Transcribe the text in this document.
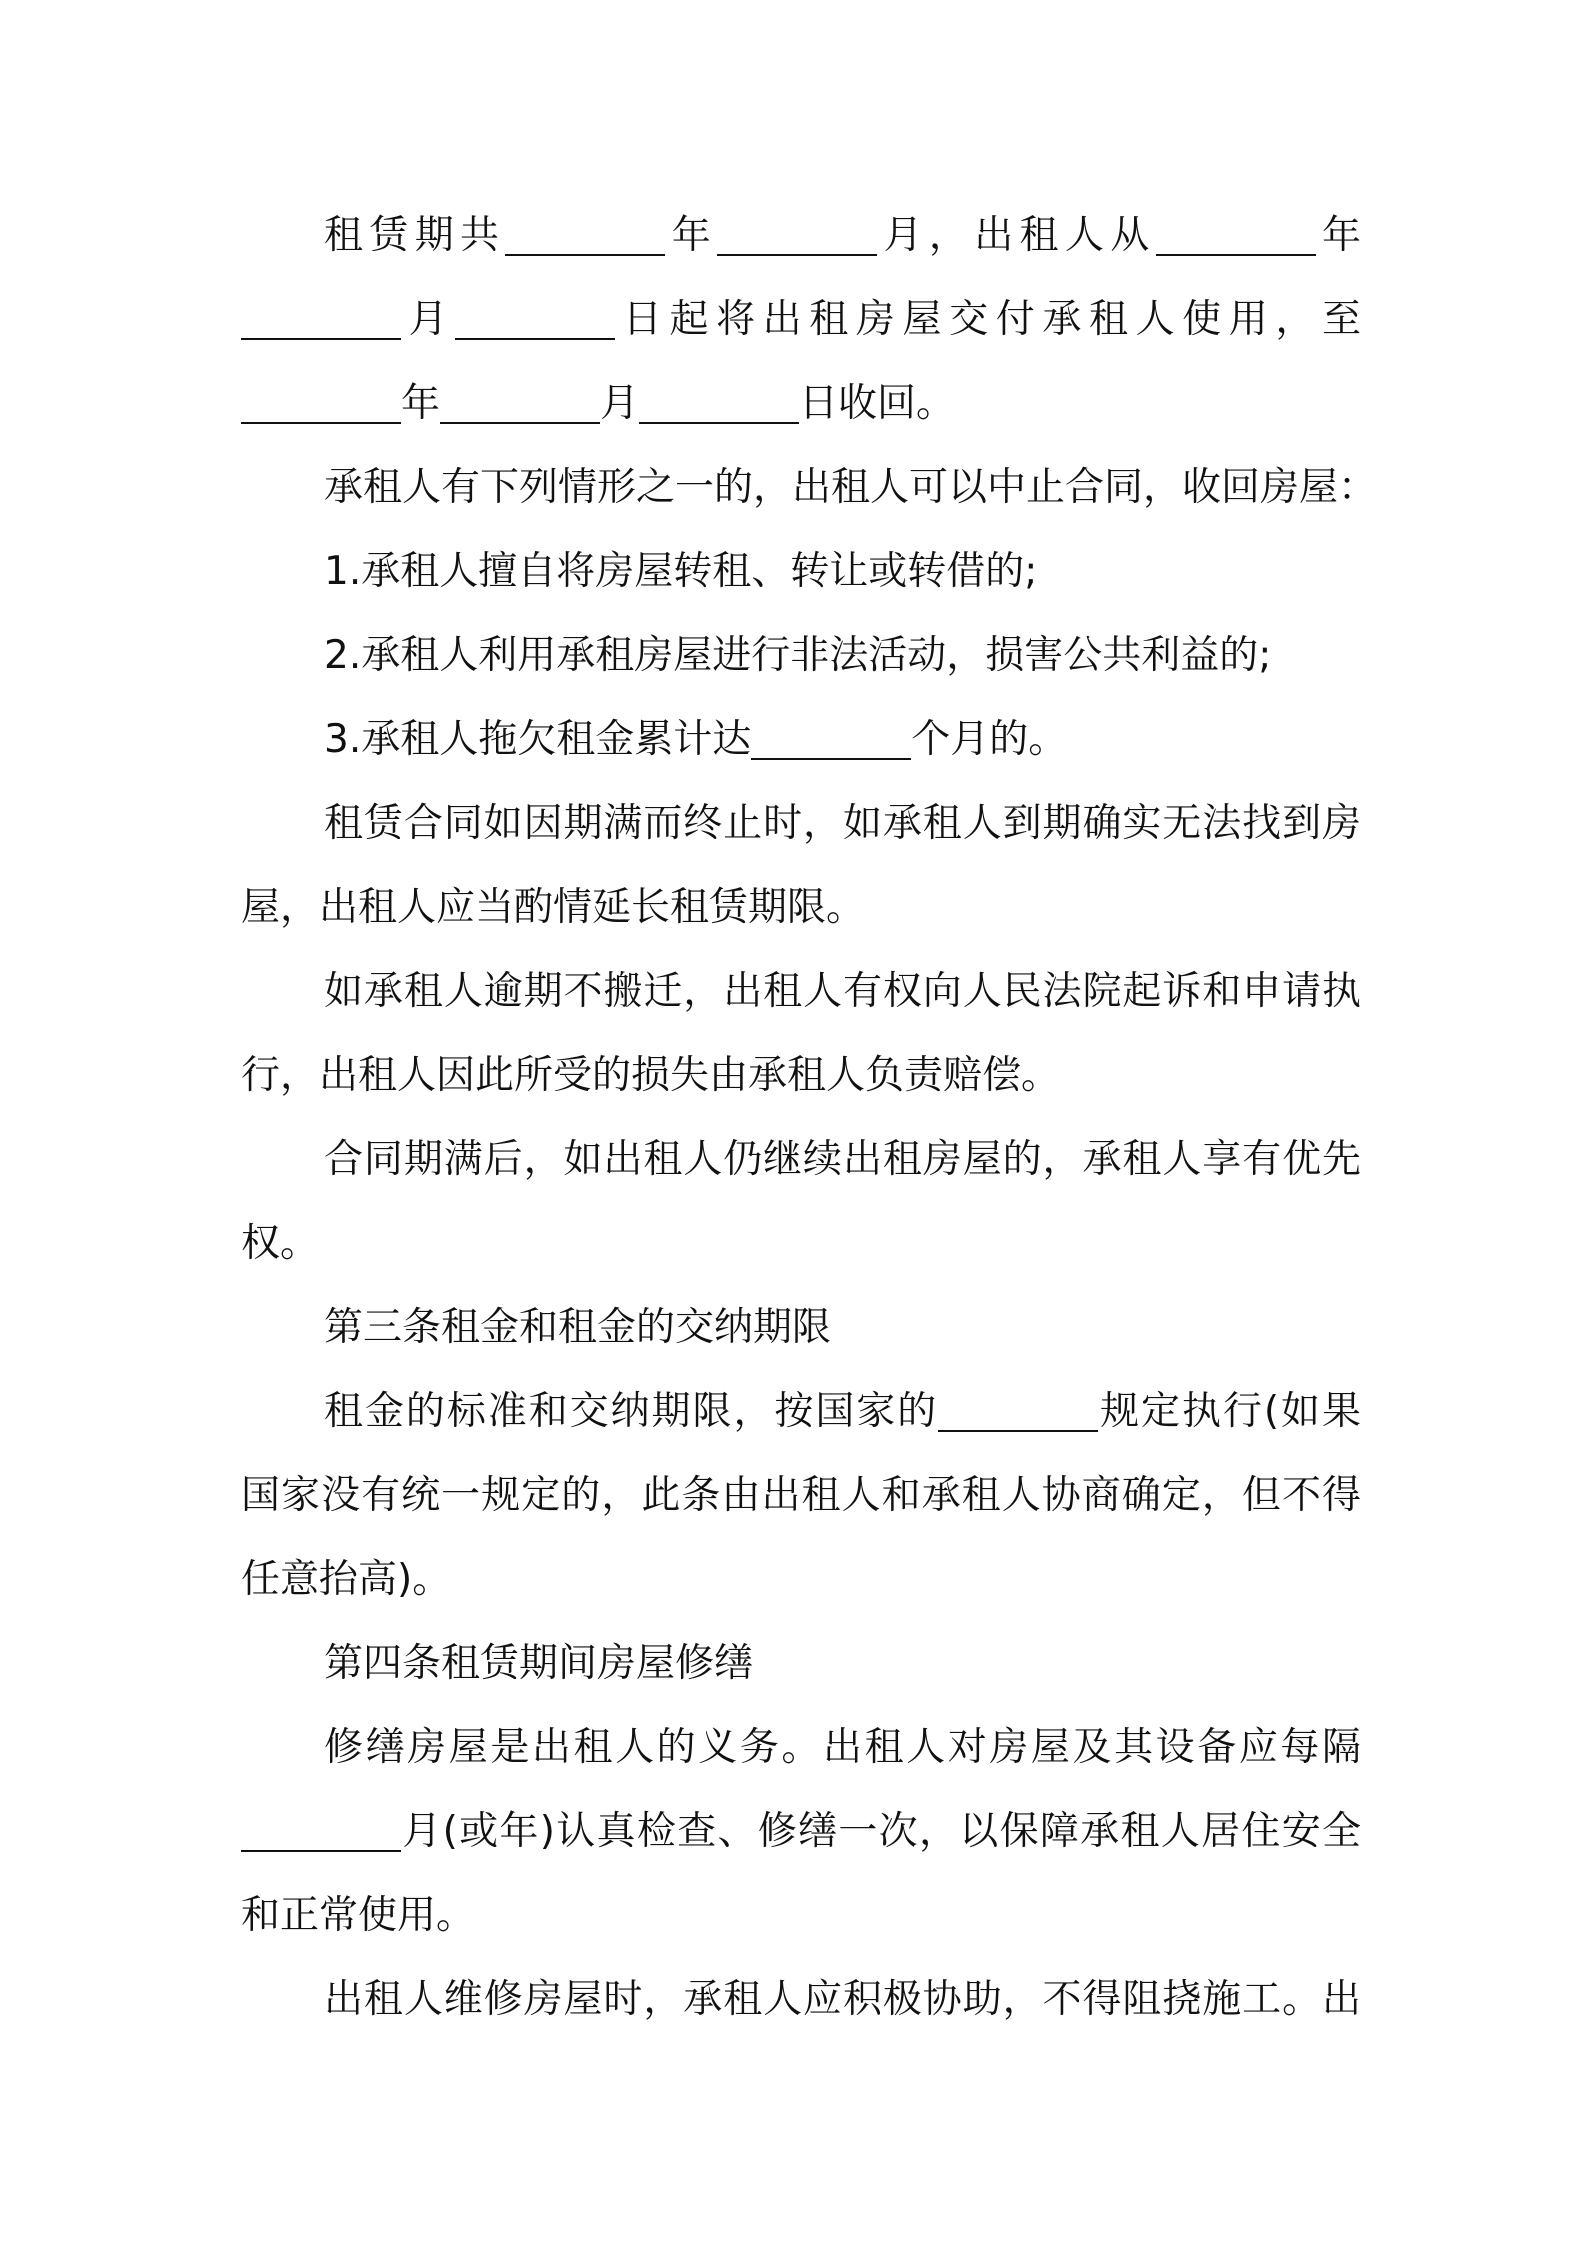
租赁期共	年	月，出租人从	年
月	日起将出租房屋交付承租人使用，至
年	月	日收回。
承租人有下列情形之一的，出租人可以中止合同，收回房屋：
1.承租人擅自将房屋转租、转让或转借的;
2.承租人利用承租房屋进行非法活动，损害公共利益的;
3.承租人拖欠租金累计达	个月的。
租赁合同如因期满而终止时，如承租人到期确实无法找到房
屋，出租人应当酌情延长租赁期限。
如承租人逾期不搬迁，出租人有权向人民法院起诉和申请执
行，出租人因此所受的损失由承租人负责赔偿。
合同期满后，如出租人仍继续出租房屋的，承租人享有优先
权。
第三条租金和租金的交纳期限
租金的标准和交纳期限，按国家的	规定执行(如果
国家没有统一规定的，此条由出租人和承租人协商确定，但不得
任意抬高)。
第四条租赁期间房屋修缮
修缮房屋是出租人的义务。出租人对房屋及其设备应每隔
月(或年)认真检查、修缮一次，以保障承租人居住安全
和正常使用。
出租人维修房屋时，承租人应积极协助，不得阻挠施工。出
